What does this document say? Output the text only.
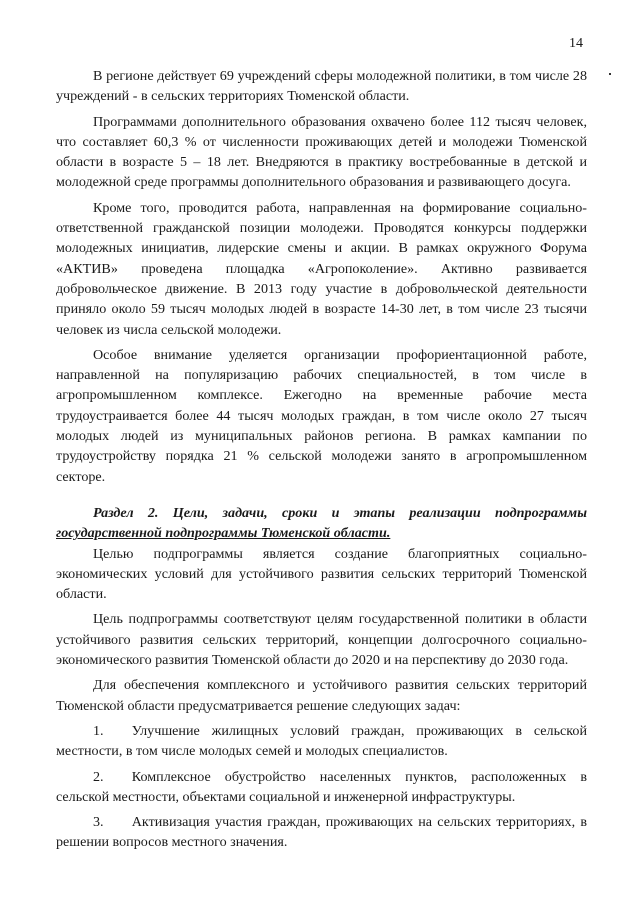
14

В регионе действует 69 учреждений сферы молодежной политики, в том числе 28 учреждений - в сельских территориях Тюменской области.

Программами дополнительного образования охвачено более 112 тысяч человек, что составляет 60,3 % от численности проживающих детей и молодежи Тюменской области в возрасте 5 – 18 лет. Внедряются в практику востребованные в детской и молодежной среде программы дополнительного образования и развивающего досуга.

Кроме того, проводится работа, направленная на формирование социально-ответственной гражданской позиции молодежи. Проводятся конкурсы поддержки молодежных инициатив, лидерские смены и акции. В рамках окружного Форума «АКТИВ» проведена площадка «Агропоколение». Активно развивается добровольческое движение. В 2013 году участие в добровольческой деятельности приняло около 59 тысяч молодых людей в возрасте 14-30 лет, в том числе 23 тысячи человек из числа сельской молодежи.

Особое внимание уделяется организации профориентационной работе, направленной на популяризацию рабочих специальностей, в том числе в агропромышленном комплексе. Ежегодно на временные рабочие места трудоустраивается более 44 тысяч молодых граждан, в том числе около 27 тысяч молодых людей из муниципальных районов региона. В рамках кампании по трудоустройству порядка 21 % сельской молодежи занято в агропромышленном секторе.

Раздел 2. Цели, задачи, сроки и этапы реализации подпрограммы государственной подпрограммы Тюменской области.

Целью подпрограммы является создание благоприятных социально-экономических условий для устойчивого развития сельских территорий Тюменской области.

Цель подпрограммы соответствуют целям государственной политики в области устойчивого развития сельских территорий, концепции долгосрочного социально-экономического развития Тюменской области до 2020 и на перспективу до 2030 года.

Для обеспечения комплексного и устойчивого развития сельских территорий Тюменской области предусматривается решение следующих задач:

1.  Улучшение жилищных условий граждан, проживающих в сельской местности, в том числе молодых семей и молодых специалистов.

2.  Комплексное обустройство населенных пунктов, расположенных в сельской местности, объектами социальной и инженерной инфраструктуры.

3.  Активизация участия граждан, проживающих на сельских территориях, в решении вопросов местного значения.
